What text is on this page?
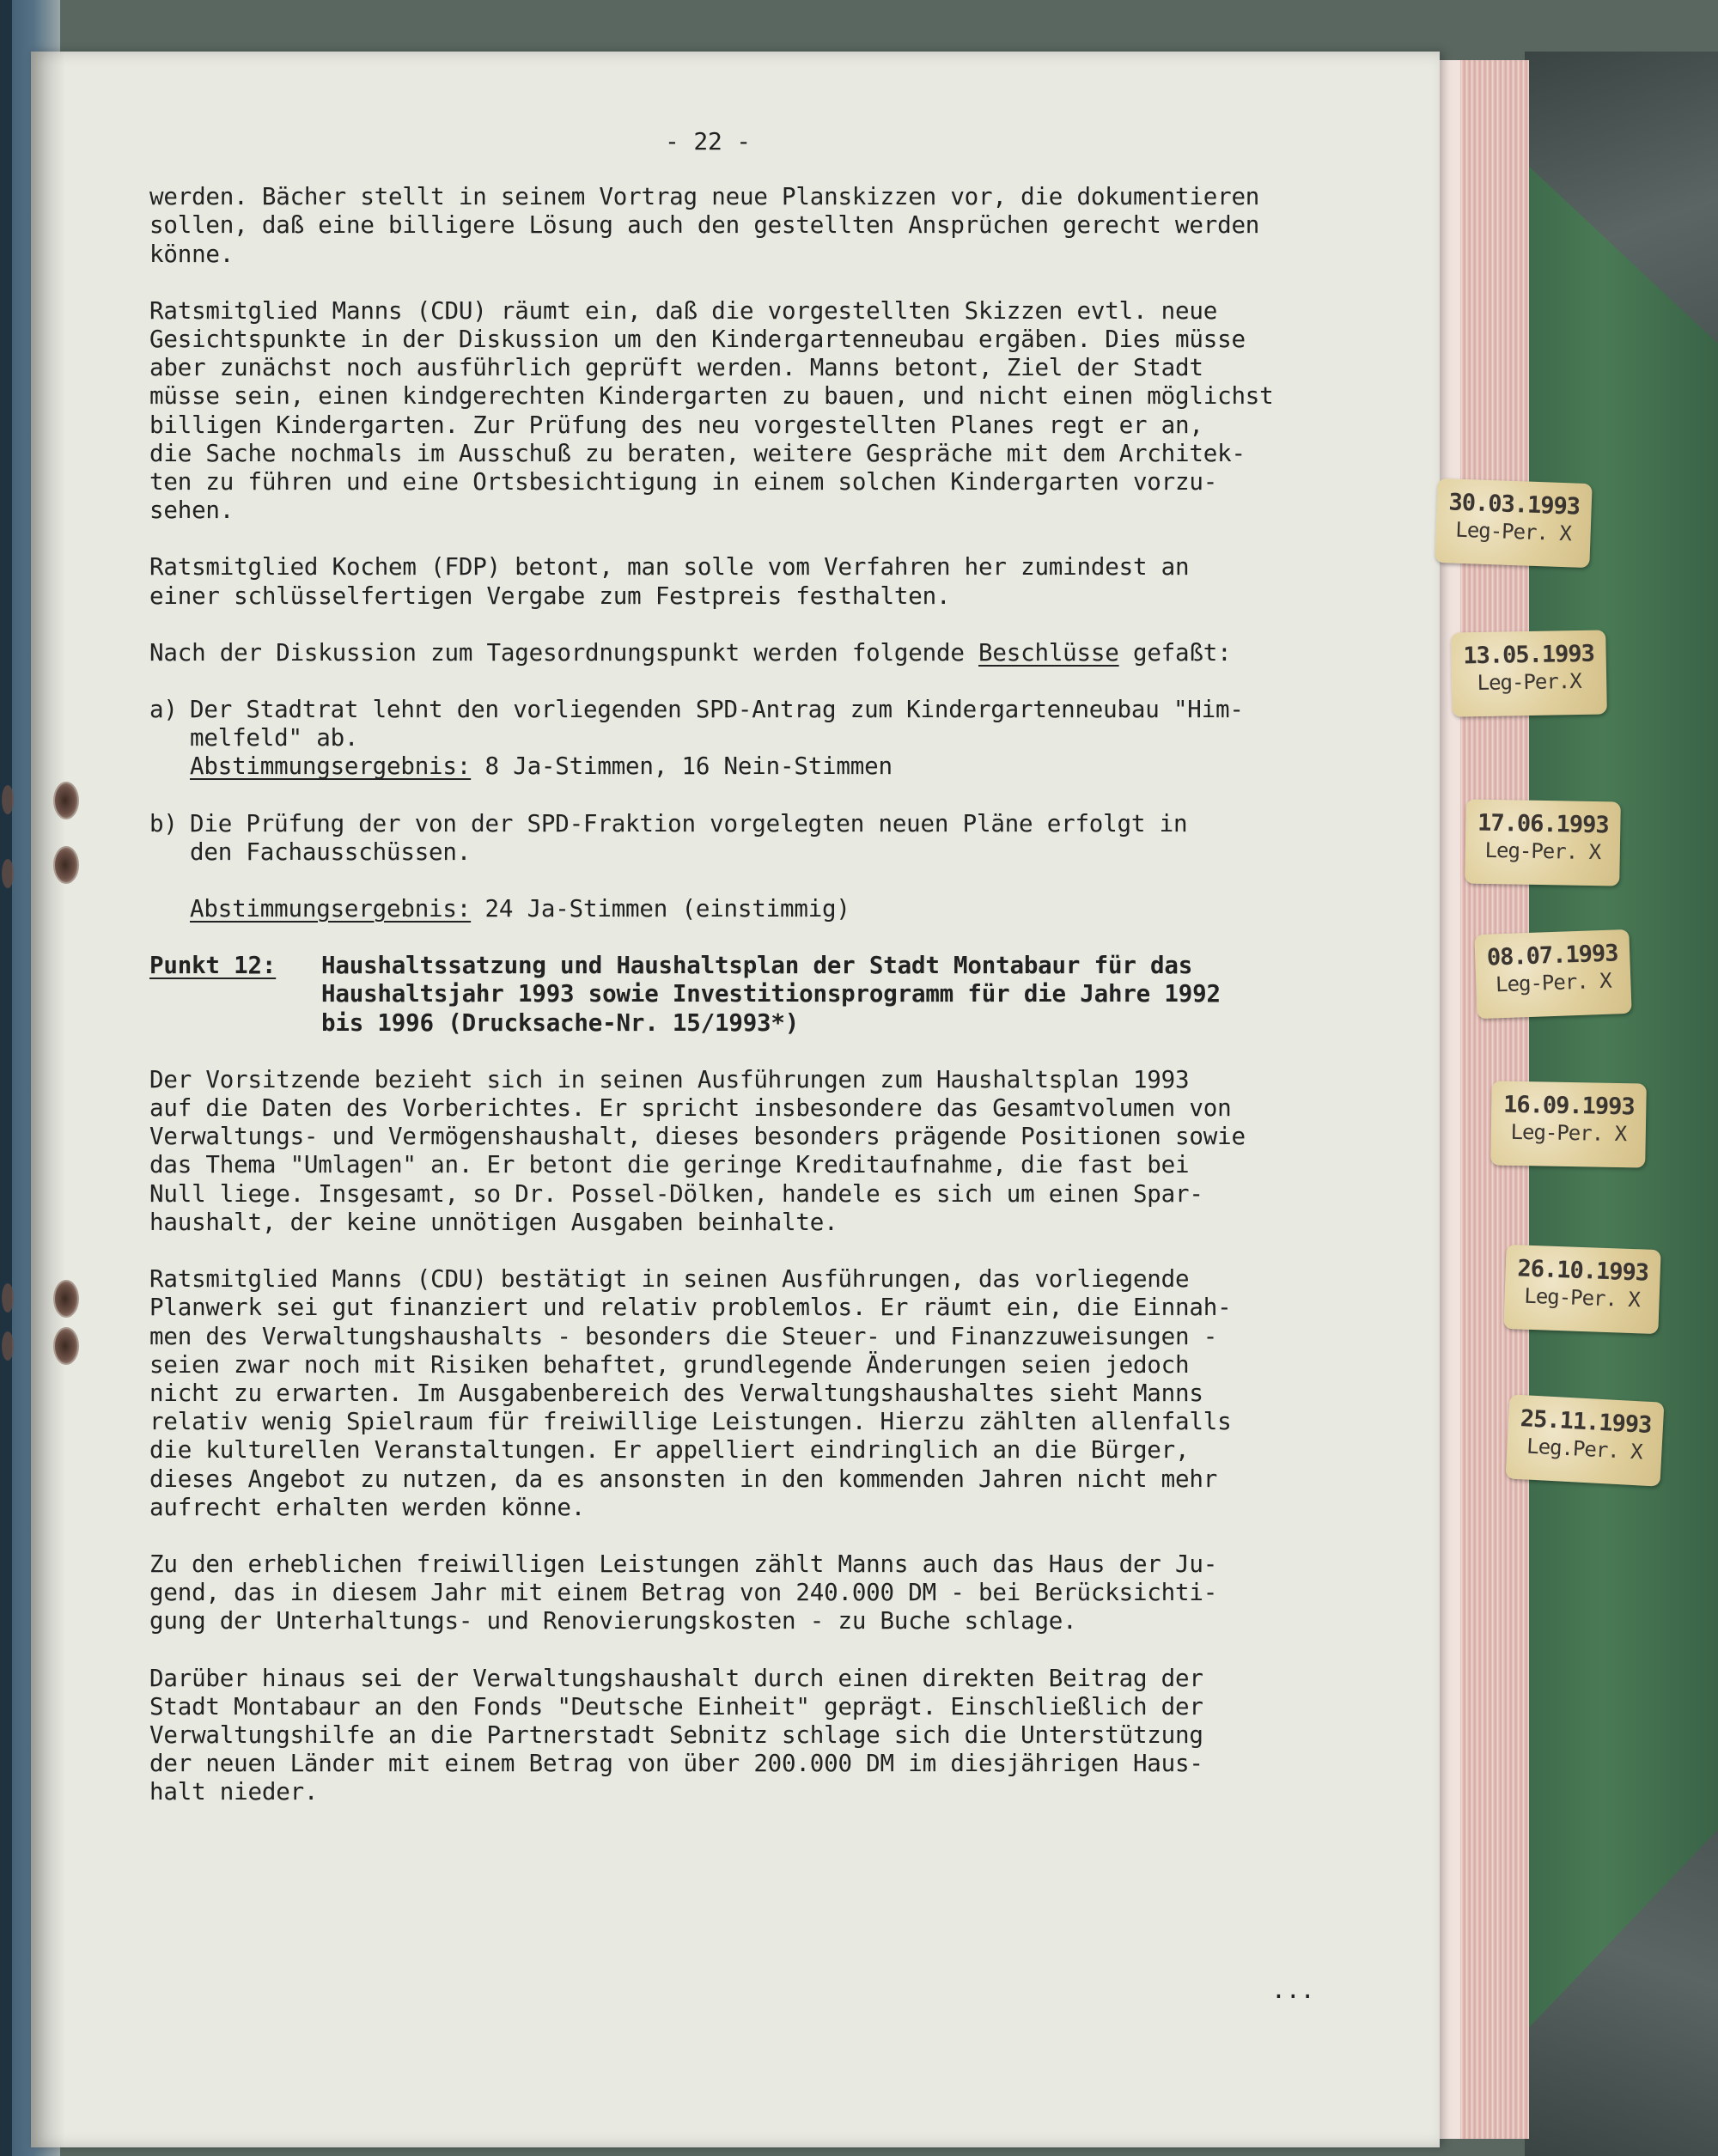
30.03.1993
Leg-Per. X
13.05.1993
Leg-Per.X
17.06.1993
Leg-Per. X
08.07.1993
Leg-Per. X
16.09.1993
Leg-Per. X
26.10.1993
Leg-Per. X
25.11.1993
Leg.Per. X
- 22 -
werden. Bächer stellt in seinem Vortrag neue Planskizzen vor, die dokumentieren
sollen, daß eine billigere Lösung auch den gestellten Ansprüchen gerecht werden
könne.
Ratsmitglied Manns (CDU) räumt ein, daß die vorgestellten Skizzen evtl. neue
Gesichtspunkte in der Diskussion um den Kindergartenneubau ergäben. Dies müsse
aber zunächst noch ausführlich geprüft werden. Manns betont, Ziel der Stadt
müsse sein, einen kindgerechten Kindergarten zu bauen, und nicht einen möglichst
billigen Kindergarten. Zur Prüfung des neu vorgestellten Planes regt er an,
die Sache nochmals im Ausschuß zu beraten, weitere Gespräche mit dem Architek-
ten zu führen und eine Ortsbesichtigung in einem solchen Kindergarten vorzu-
sehen.
Ratsmitglied Kochem (FDP) betont, man solle vom Verfahren her zumindest an
einer schlüsselfertigen Vergabe zum Festpreis festhalten.
Nach der Diskussion zum Tagesordnungspunkt werden folgende Beschlüsse gefaßt:
a) Der Stadtrat lehnt den vorliegenden SPD-Antrag zum Kindergartenneubau "Him-
melfeld" ab.
Abstimmungsergebnis: 8 Ja-Stimmen, 16 Nein-Stimmen
b) Die Prüfung der von der SPD-Fraktion vorgelegten neuen Pläne erfolgt in
den Fachausschüssen.
Abstimmungsergebnis: 24 Ja-Stimmen (einstimmig)
Punkt 12: Haushaltssatzung und Haushaltsplan der Stadt Montabaur für das
Haushaltsjahr 1993 sowie Investitionsprogramm für die Jahre 1992
bis 1996 (Drucksache-Nr. 15/1993*)
Der Vorsitzende bezieht sich in seinen Ausführungen zum Haushaltsplan 1993
auf die Daten des Vorberichtes. Er spricht insbesondere das Gesamtvolumen von
Verwaltungs- und Vermögenshaushalt, dieses besonders prägende Positionen sowie
das Thema "Umlagen" an. Er betont die geringe Kreditaufnahme, die fast bei
Null liege. Insgesamt, so Dr. Possel-Dölken, handele es sich um einen Spar-
haushalt, der keine unnötigen Ausgaben beinhalte.
Ratsmitglied Manns (CDU) bestätigt in seinen Ausführungen, das vorliegende
Planwerk sei gut finanziert und relativ problemlos. Er räumt ein, die Einnah-
men des Verwaltungshaushalts - besonders die Steuer- und Finanzzuweisungen -
seien zwar noch mit Risiken behaftet, grundlegende Änderungen seien jedoch
nicht zu erwarten. Im Ausgabenbereich des Verwaltungshaushaltes sieht Manns
relativ wenig Spielraum für freiwillige Leistungen. Hierzu zählten allenfalls
die kulturellen Veranstaltungen. Er appelliert eindringlich an die Bürger,
dieses Angebot zu nutzen, da es ansonsten in den kommenden Jahren nicht mehr
aufrecht erhalten werden könne.
Zu den erheblichen freiwilligen Leistungen zählt Manns auch das Haus der Ju-
gend, das in diesem Jahr mit einem Betrag von 240.000 DM - bei Berücksichti-
gung der Unterhaltungs- und Renovierungskosten - zu Buche schlage.
Darüber hinaus sei der Verwaltungshaushalt durch einen direkten Beitrag der
Stadt Montabaur an den Fonds "Deutsche Einheit" geprägt. Einschließlich der
Verwaltungshilfe an die Partnerstadt Sebnitz schlage sich die Unterstützung
der neuen Länder mit einem Betrag von über 200.000 DM im diesjährigen Haus-
halt nieder.
...
